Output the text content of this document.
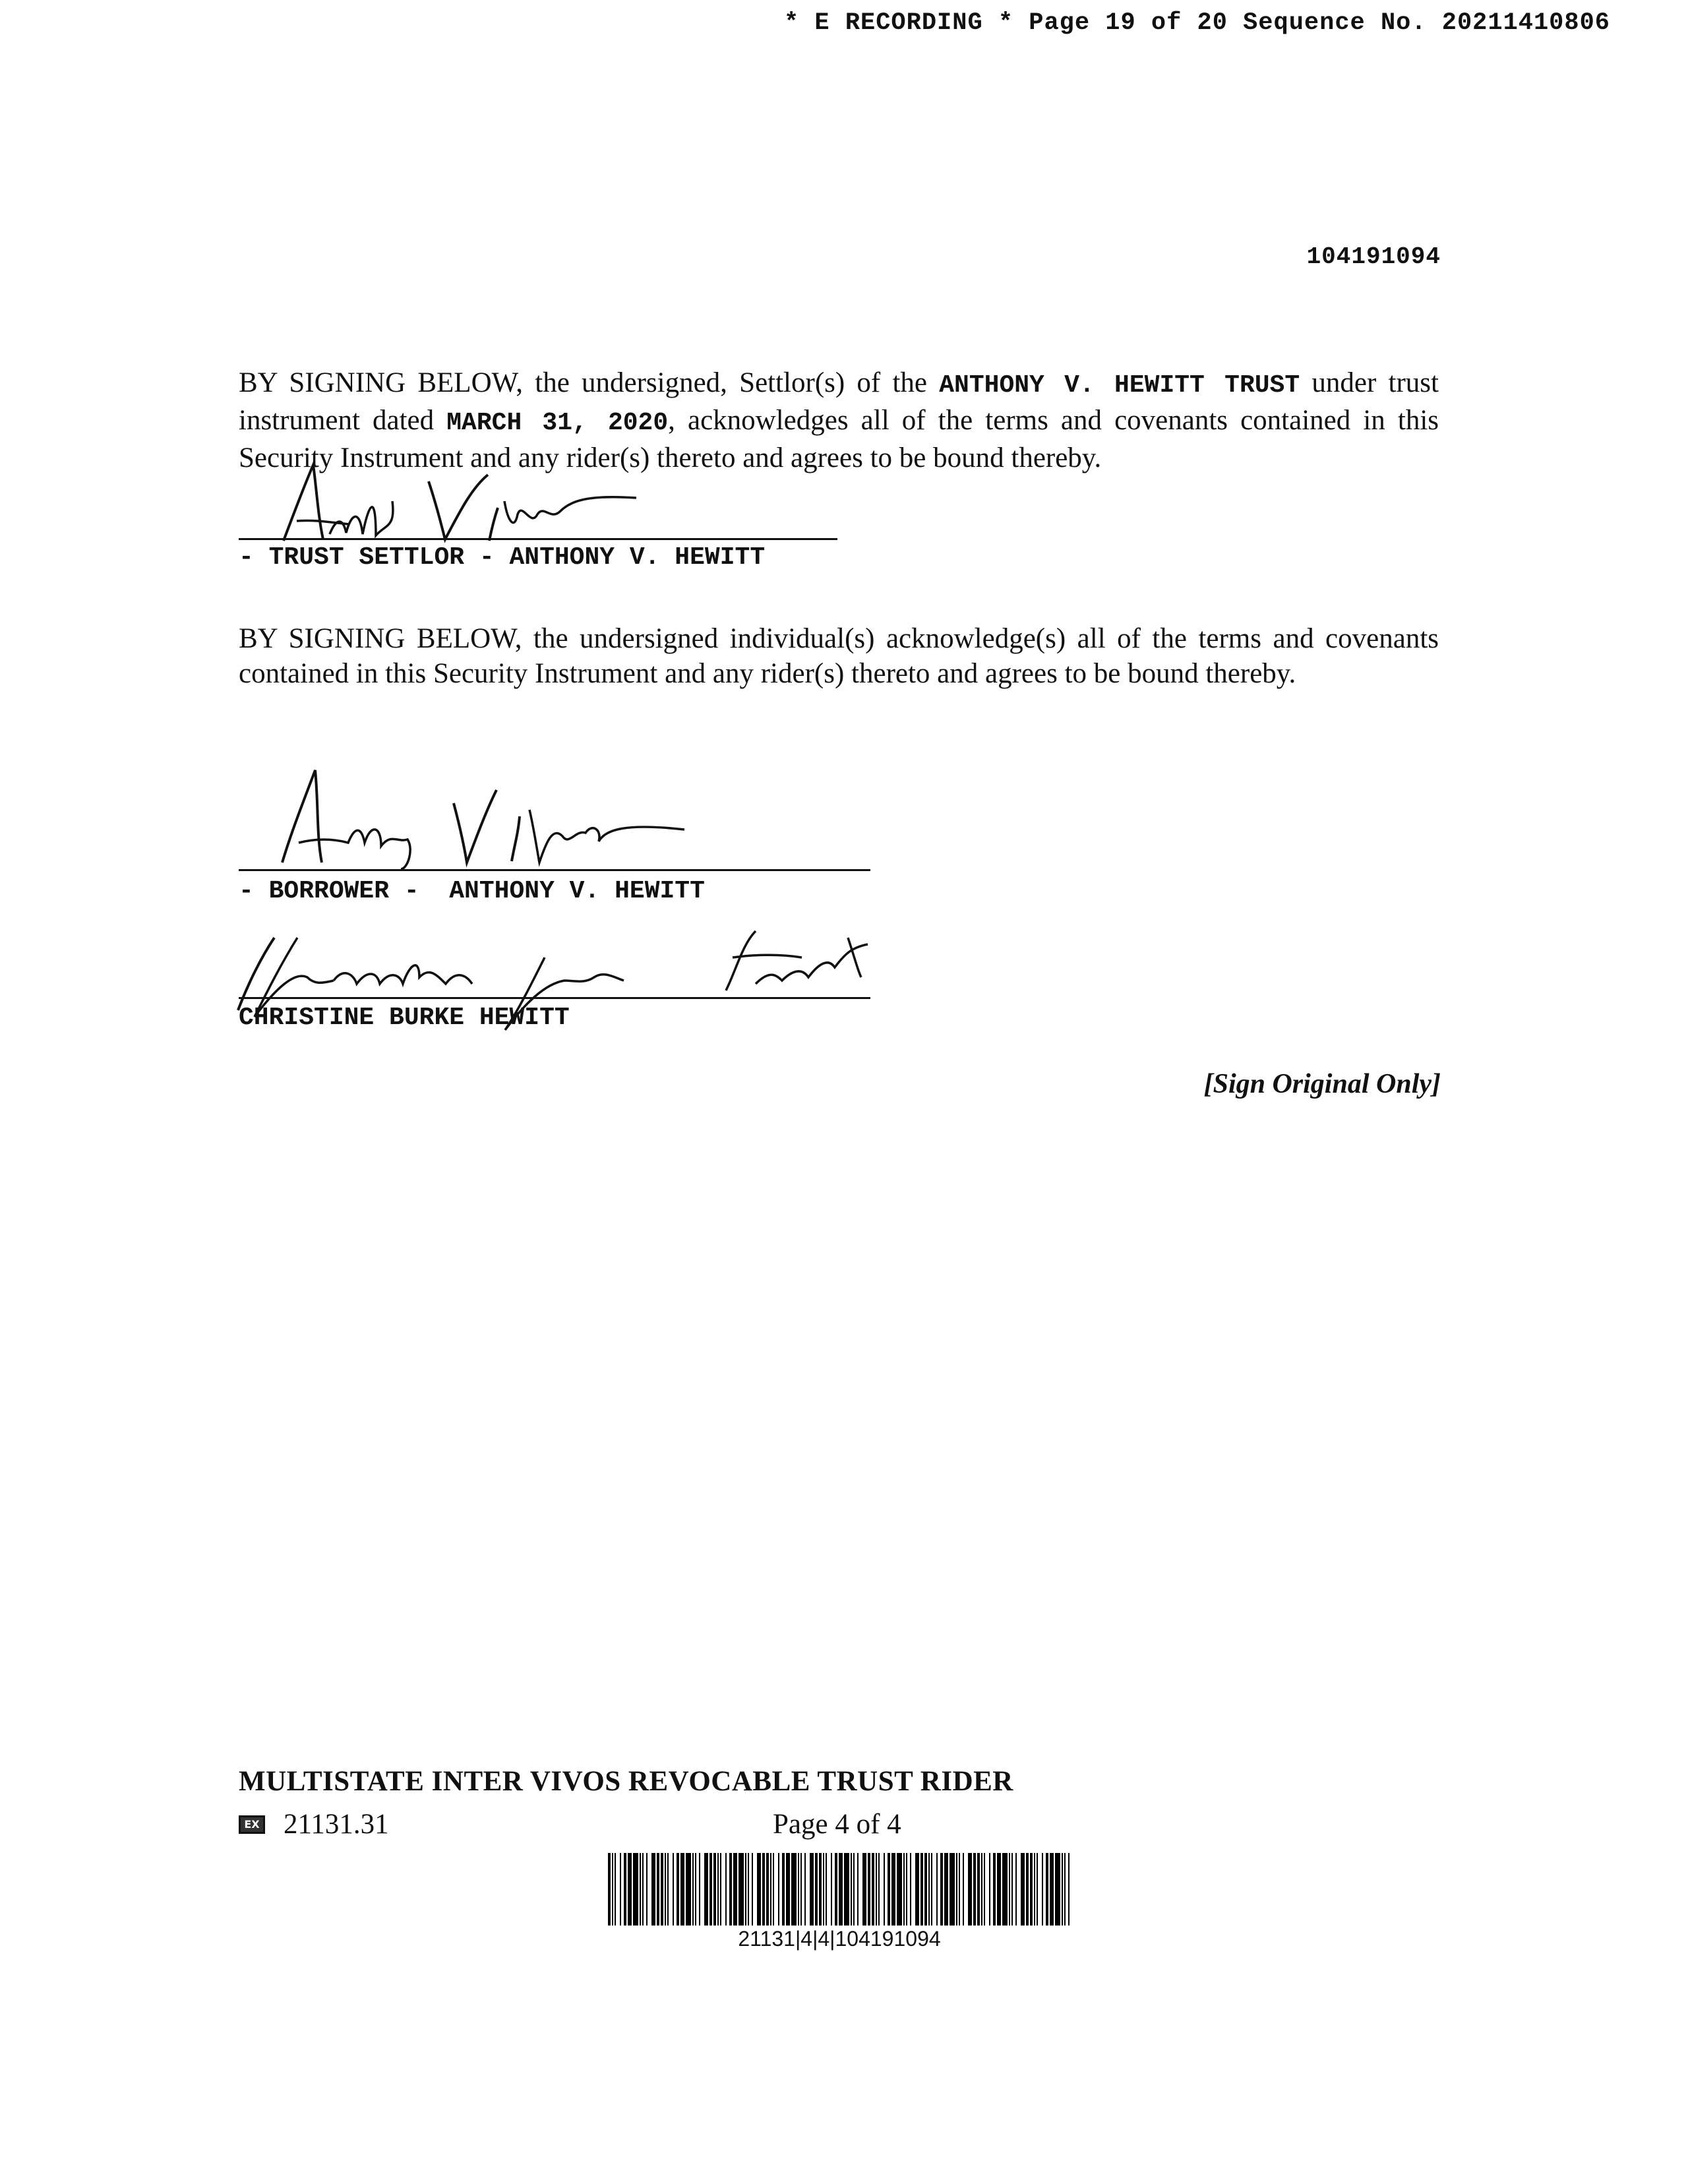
* E RECORDING * Page 19 of 20 Sequence No. 20211410806
104191094
BY SIGNING BELOW, the undersigned, Settlor(s) of the ANTHONY V. HEWITT TRUST under trust instrument dated MARCH 31, 2020, acknowledges all of the terms and covenants contained in this Security Instrument and any rider(s) thereto and agrees to be bound thereby.
- TRUST SETTLOR - ANTHONY V. HEWITT
BY SIGNING BELOW, the undersigned individual(s) acknowledge(s) all of the terms and covenants contained in this Security Instrument and any rider(s) thereto and agrees to be bound thereby.
- BORROWER -  ANTHONY V. HEWITT
CHRISTINE BURKE HEWITT
[Sign Original Only]
MULTISTATE INTER VIVOS REVOCABLE TRUST RIDER
EX 21131.31	Page 4 of 4
21131|4|4|104191094
